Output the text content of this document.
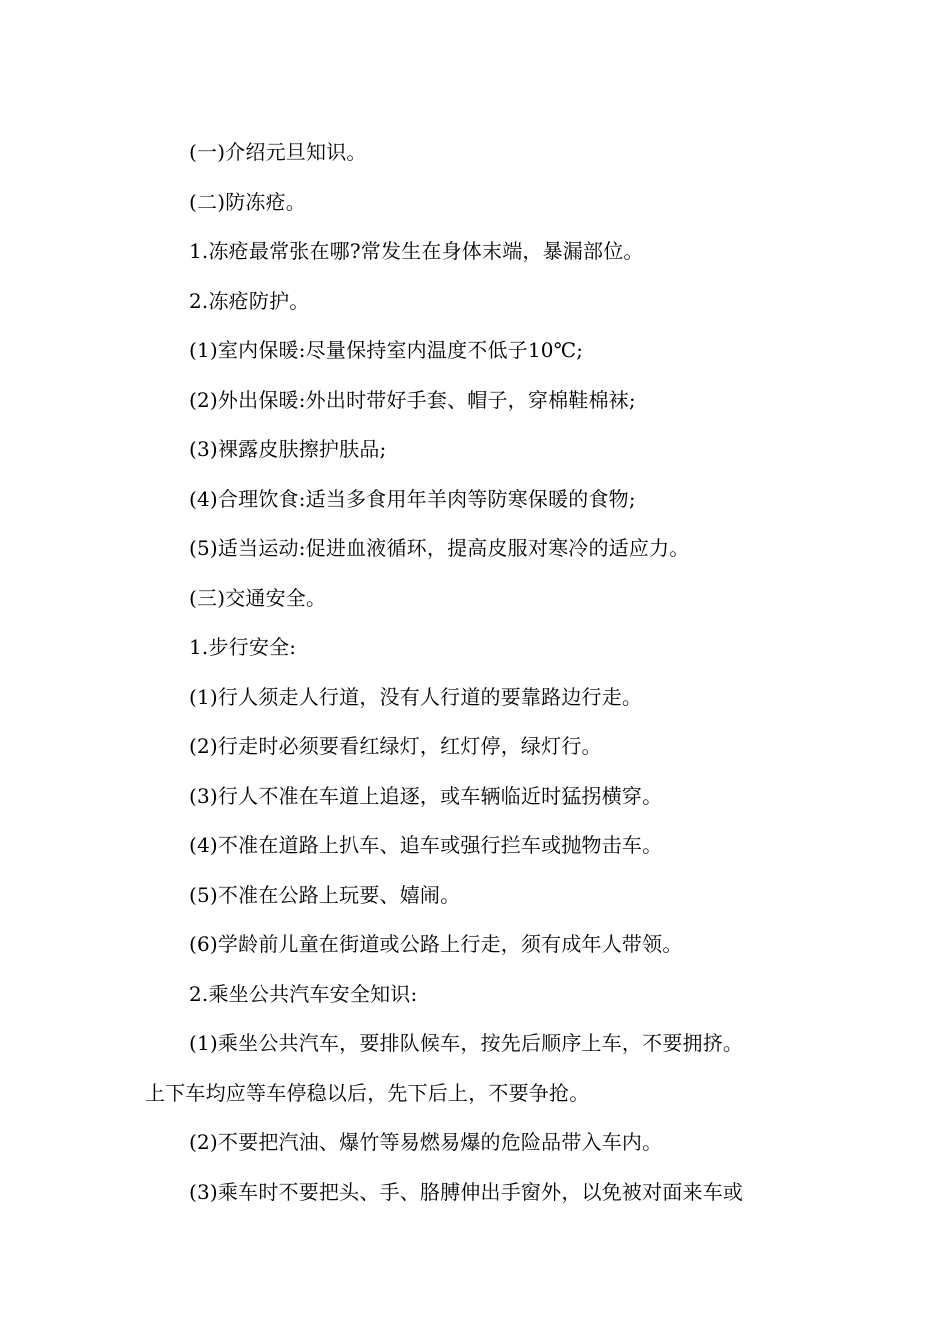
(一)介绍元旦知识。
(二)防冻疮。
1.冻疮最常张在哪?常发生在身体末端，暴漏部位。
2.冻疮防护。
(1)室内保暖:尽量保持室内温度不低子10℃;
(2)外出保暖:外出时带好手套、帽子，穿棉鞋棉袜;
(3)裸露皮肤擦护肤品;
(4)合理饮食:适当多食用年羊肉等防寒保暖的食物;
(5)适当运动:促进血液循环，提高皮服对寒冷的适应力。
(三)交通安全。
1.步行安全:
(1)行人须走人行道，没有人行道的要靠路边行走。
(2)行走时必须要看红绿灯，红灯停，绿灯行。
(3)行人不准在车道上追逐，或车辆临近时猛拐横穿。
(4)不准在道路上扒车、追车或强行拦车或抛物击车。
(5)不准在公路上玩要、嬉闹。
(6)学龄前儿童在街道或公路上行走，须有成年人带领。
2.乘坐公共汽车安全知识:
(1)乘坐公共汽车，要排队候车，按先后顺序上车，不要拥挤。
上下车均应等车停稳以后，先下后上，不要争抢。
(2)不要把汽油、爆竹等易燃易爆的危险品带入车内。
(3)乘车时不要把头、手、胳膊伸出手窗外，以免被对面来车或
